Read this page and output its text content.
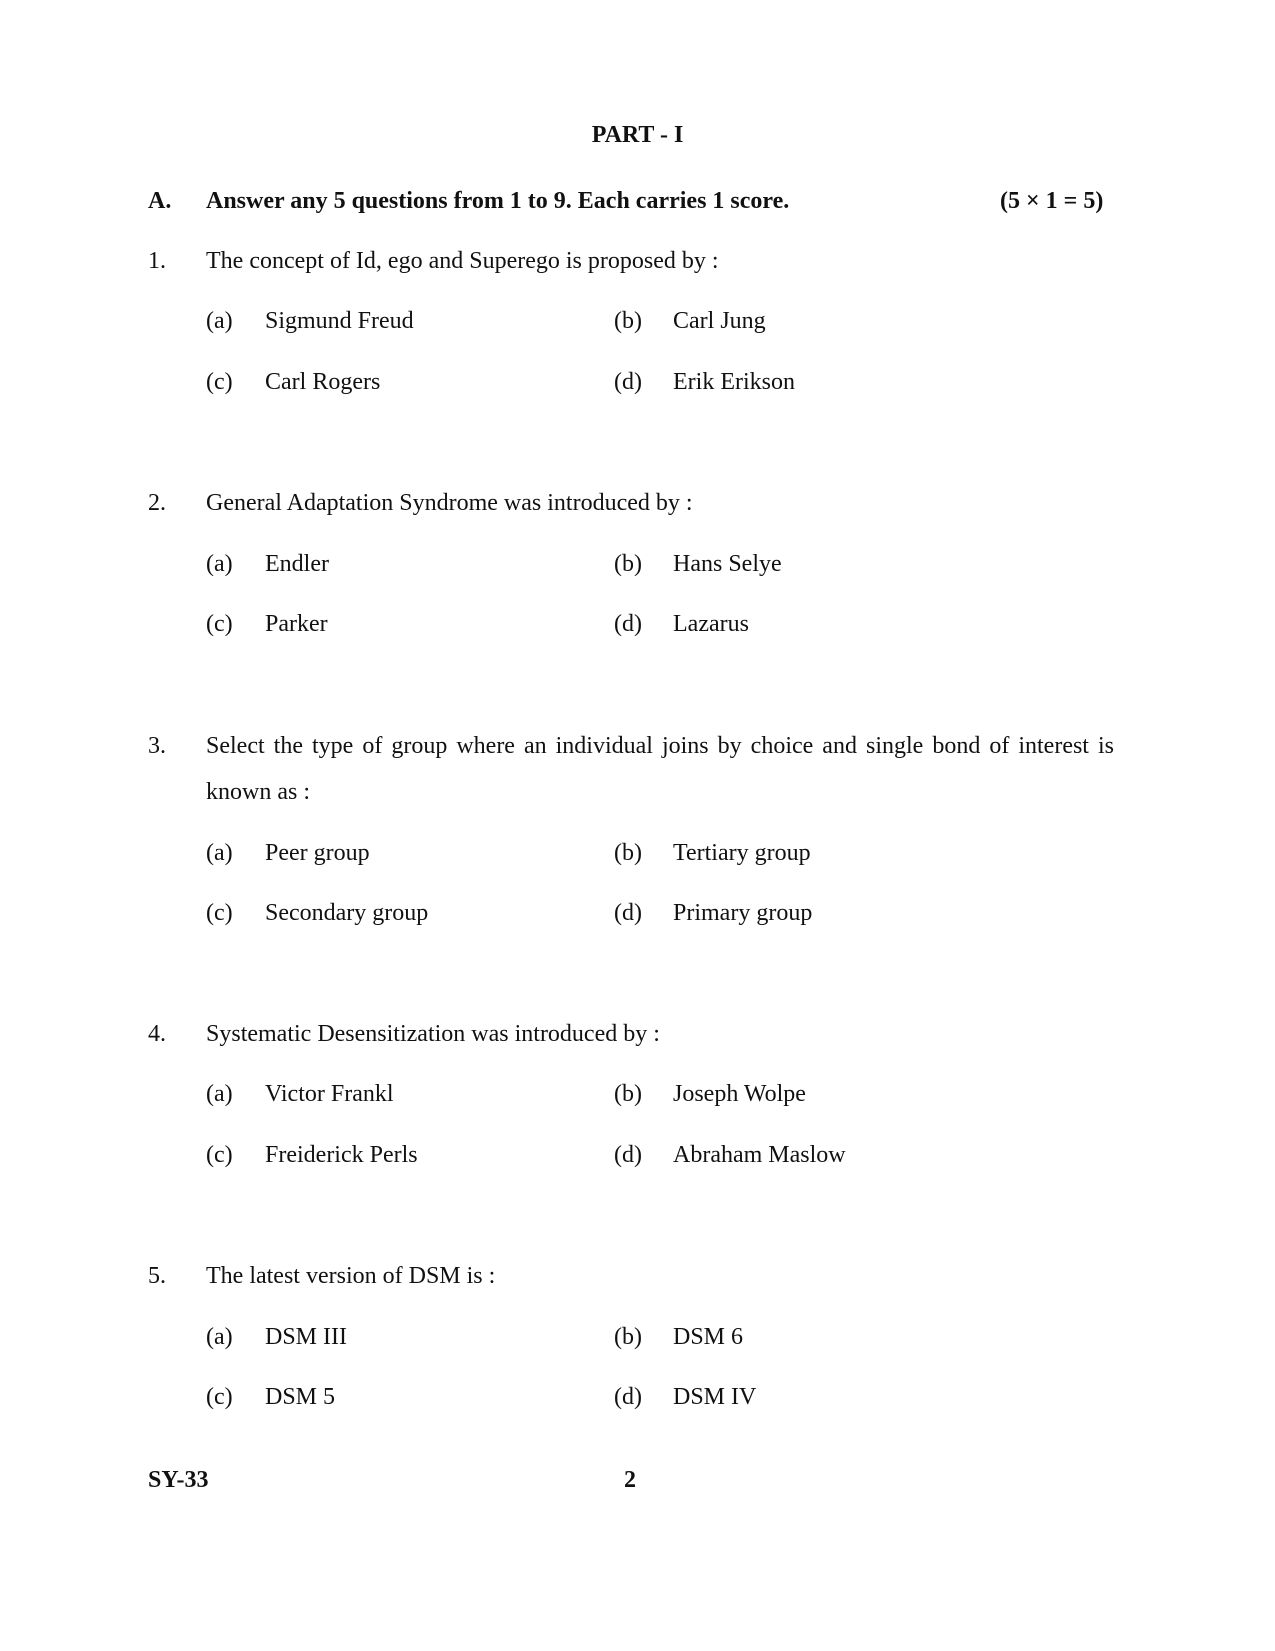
PART - I
A. Answer any 5 questions from 1 to 9. Each carries 1 score.	(5 × 1 = 5)
1. The concept of Id, ego and Superego is proposed by :
(a) Sigmund Freud	(b) Carl Jung
(c) Carl Rogers	(d) Erik Erikson
2. General Adaptation Syndrome was introduced by :
(a) Endler	(b) Hans Selye
(c) Parker	(d) Lazarus
3. Select the type of group where an individual joins by choice and single bond of interest is
known as :
(a) Peer group	(b) Tertiary group
(c) Secondary group	(d) Primary group
4. Systematic Desensitization was introduced by :
(a) Victor Frankl	(b) Joseph Wolpe
(c) Freiderick Perls	(d) Abraham Maslow
5. The latest version of DSM is :
(a) DSM III	(b) DSM 6
(c) DSM 5	(d) DSM IV
SY-33	2
